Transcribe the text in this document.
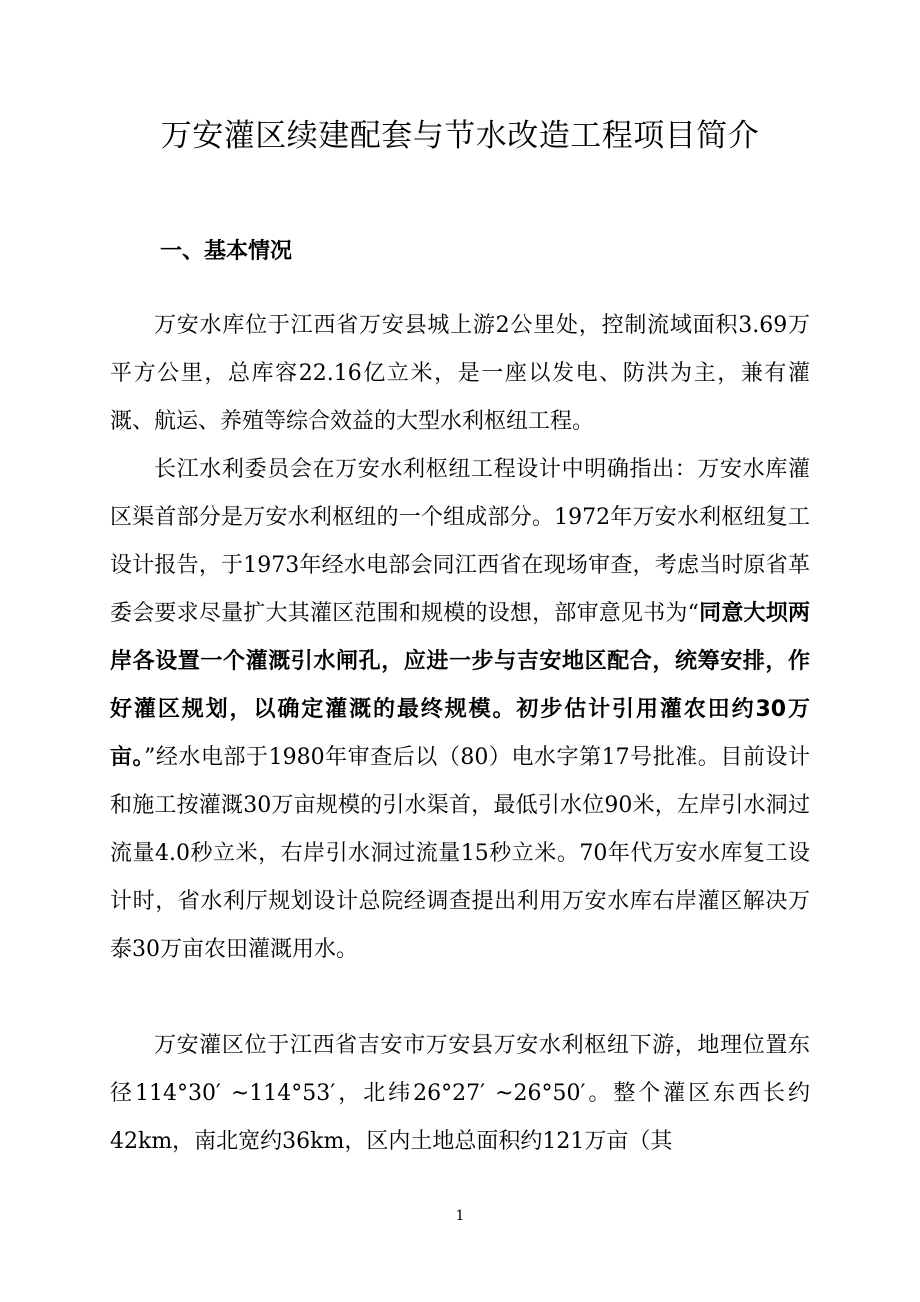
万安灌区续建配套与节水改造工程项目简介
一、基本情况

万安水库位于江西省万安县城上游2公里处，控制流域面积3.69万平方公里，总库容22.16亿立米，是一座以发电、防洪为主，兼有灌溉、航运、养殖等综合效益的大型水利枢纽工程。

长江水利委员会在万安水利枢纽工程设计中明确指出：万安水库灌区渠首部分是万安水利枢纽的一个组成部分。1972年万安水利枢纽复工设计报告，于1973年经水电部会同江西省在现场审查，考虑当时原省革委会要求尽量扩大其灌区范围和规模的设想，部审意见书为“同意大坝两岸各设置一个灌溉引水闸孔，应进一步与吉安地区配合，统筹安排，作好灌区规划，以确定灌溉的最终规模。初步估计引用灌农田约30万亩。”经水电部于1980年审查后以（80）电水字第17号批准。目前设计和施工按灌溉30万亩规模的引水渠首，最低引水位90米，左岸引水洞过流量4.0秒立米，右岸引水洞过流量15秒立米。70年代万安水库复工设计时，省水利厅规划设计总院经调查提出利用万安水库右岸灌区解决万泰30万亩农田灌溉用水。

万安灌区位于江西省吉安市万安县万安水利枢纽下游，地理位置东径114°30′ ~114°53′，北纬26°27′ ~26°50′。整个灌区东西长约42km，南北宽约36km，区内土地总面积约121万亩（其

1
